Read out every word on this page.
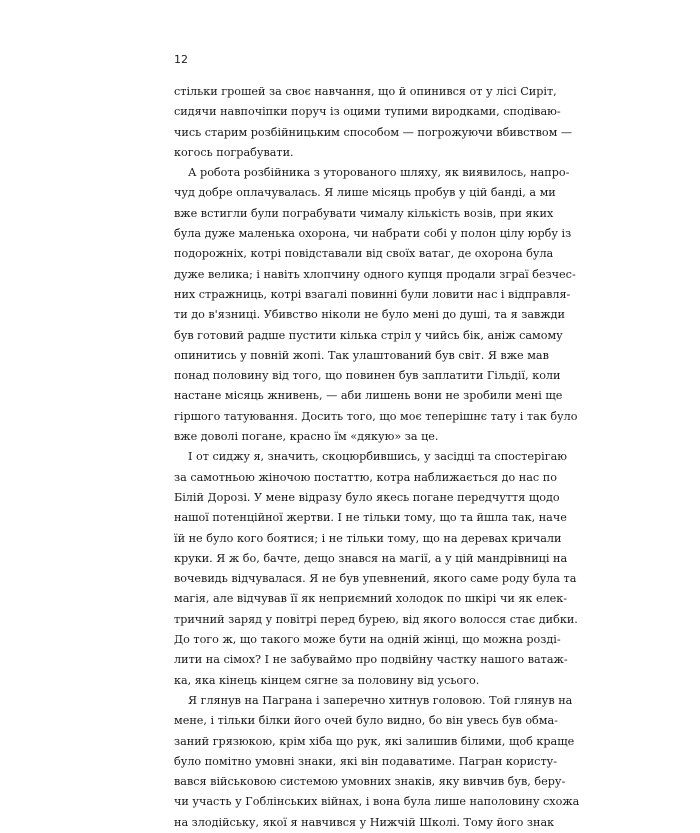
12
стільки грошей за своє навчання, що й опинився от у лісі Сиріт,
сидячи навпочіпки поруч із оцими тупими виродками, сподіваю-
чись старим розбійницьким способом — погрожуючи вбивством —
когось пограбувати.
А робота розбійника з уторованого шляху, як виявилось, напро-
чуд добре оплачувалась. Я лише місяць пробув у цій банді, а ми
вже встигли були пограбувати чималу кількість возів, при яких
була дуже маленька охорона, чи набрати собі у полон цілу юрбу із
подорожніх, котрі повідставали від своїх ватаг, де охорона була
дуже велика; і навіть хлопчину одного купця продали зграї безчес-
них стражниць, котрі взагалі повинні були ловити нас і відправля-
ти до в'язниці. Убивство ніколи не було мені до душі, та я завжди
був готовий радше пустити кілька стріл у чийсь бік, аніж самому
опинитись у повній жопі. Так улаштований був світ. Я вже мав
понад половину від того, що повинен був заплатити Гільдії, коли
настане місяць жнивень, — аби лишень вони не зробили мені ще
гіршого татуювання. Досить того, що моє теперішнє тату і так було
вже доволі погане, красно їм «дякую» за це.
І от сиджу я, значить, скоцюрбившись, у засідці та спостерігаю
за самотньою жіночою постаттю, котра наближається до нас по
Білій Дорозі. У мене відразу було якесь погане передчуття щодо
нашої потенційної жертви. І не тільки тому, що та йшла так, наче
їй не було кого боятися; і не тільки тому, що на деревах кричали
круки. Я ж бо, бачте, дещо знався на магії, а у цій мандрівниці на
вочевидь відчувалася. Я не був упевнений, якого саме роду була та
магія, але відчував її як неприємний холодок по шкірі чи як елек-
тричний заряд у повітрі перед бурею, від якого волосся стає дибки.
До того ж, що такого може бути на одній жінці, що можна розді-
лити на сімох? І не забуваймо про подвійну частку нашого ватаж-
ка, яка кінець кінцем сягне за половину від усього.
Я глянув на Пагрaна і заперечно хитнув головою. Той глянув на
мене, і тільки білки його очей було видно, бо він увесь був обма-
заний грязюкою, крім хіба що рук, які залишив білими, щоб краще
було помітно умовні знаки, які він подаватиме. Пагран користу-
вався військовою системою умовних знаків, яку вивчив був, беру-
чи участь у Гоблінських війнах, і вона була лише наполовину схожа
на злодійську, якої я навчився у Нижчій Школі. Тому його знак
